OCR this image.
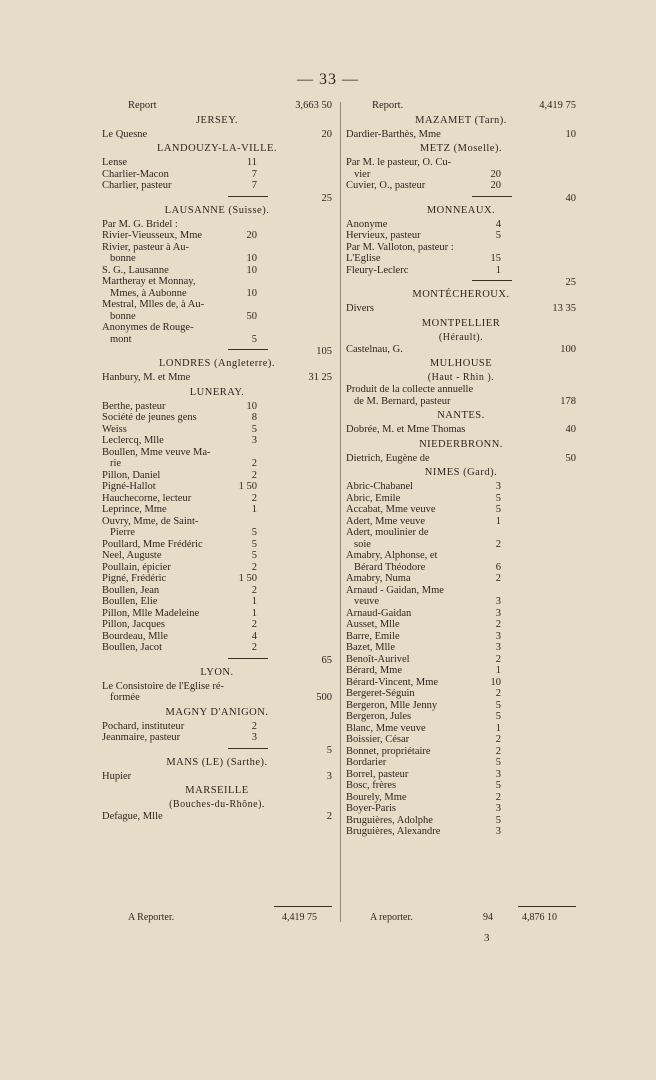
— 33 —
Report	3,663 50
JERSEY.
Le Quesne	20
LANDOUZY-LA-VILLE.
Lense	11
Charlier-Macon	7
Charlier, pasteur	7
25
LAUSANNE (Suisse).
Par M. G. Bridel :
Rivier-Vieusseux, Mme	20
Rivier, pasteur à Au-
bonne	10
S. G., Lausanne	10
Martheray et Monnay,
Mmes, à Aubonne	10
Mestral, Mlles de, à Au-
bonne	50
Anonymes de Rouge-
mont	5
105
LONDRES (Angleterre).
Hanbury, M. et Mme	31 25
LUNERAY.
Berthe, pasteur	10
Société de jeunes gens	8
Weiss	5
Leclercq, Mlle	3
Boullen, Mme veuve Ma-
rie	2
Pillon, Daniel	2
Pigné-Hallot	1 50
Hauchecorne, lecteur	2
Leprince, Mme	1
Ouvry, Mme, de Saint-
Pierre	5
Poullard, Mme Frédéric	5
Neel, Auguste	5
Poullain, épicier	2
Pigné, Frédéric	1 50
Boullen, Jean	2
Boullen, Elie	1
Pillon, Mlle Madeleine	1
Pillon, Jacques	2
Bourdeau, Mlle	4
Boullen, Jacot	2
65
LYON.
Le Consistoire de l'Eglise ré-
formée	500
MAGNY D'ANIGON.
Pochard, instituteur	2
Jeanmaire, pasteur	3
5
MANS (LE) (Sarthe).
Hupier	3
MARSEILLE
(Bouches-du-Rhône).
Defague, Mlle	2
Report.	4,419 75
MAZAMET (Tarn).
Dardier-Barthès, Mme	10
METZ (Moselle).
Par M. le pasteur, O. Cu-
vier	20
Cuvier, O., pasteur	20
40
MONNEAUX.
Anonyme	4
Hervieux, pasteur	5
Par M. Valloton, pasteur :
L'Eglise	15
Fleury-Leclerc	1
25
MONTÉCHEROUX.
Divers	13 35
MONTPELLIER
(Hérault).
Castelnau, G.	100
MULHOUSE
(Haut - Rhin ).
Produit de la collecte annuelle
de M. Bernard, pasteur	178
NANTES.
Dobrée, M. et Mme Thomas	40
NIEDERBRONN.
Dietrich, Eugène de	50
NIMES (Gard).
Abric-Chabanel	3
Abric, Emile	5
Accabat, Mme veuve	5
Adert, Mme veuve	1
Adert, moulinier de
soie	2
Amabry, Alphonse, et
Bérard Théodore	6
Amabry, Numa	2
Arnaud - Gaidan, Mme
veuve	3
Arnaud-Gaidan	3
Ausset, Mlle	2
Barre, Emile	3
Bazet, Mlle	3
Benoît-Aurivel	2
Bérard, Mme	1
Bérard-Vincent, Mme	10
Bergeret-Séguin	2
Bergeron, Mlle Jenny	5
Bergeron, Jules	5
Blanc, Mme veuve	1
Boissier, César	2
Bonnet, propriétaire	2
Bordarier	5
Borrel, pasteur	3
Bosc, frères	5
Bourely, Mme	2
Boyer-Paris	3
Bruguières, Adolphe	5
Bruguières, Alexandre	3
A Reporter.	4,419 75	A reporter.	94	4,876 10
3
